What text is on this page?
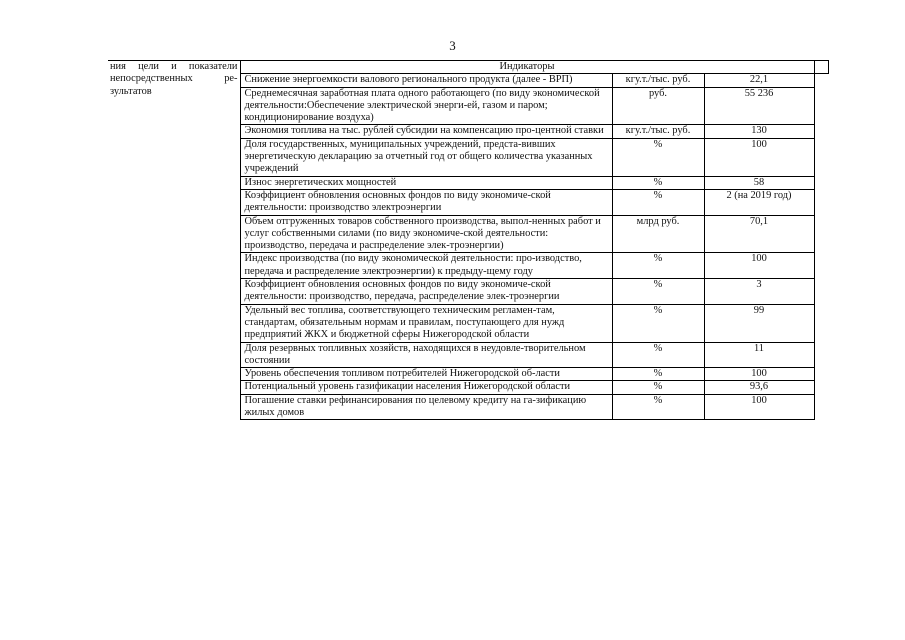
3
ния цели и показатели непосредственных ре-зультатов	Индикаторы			
	Снижение энергоемкости валового регионального продукта (далее - ВРП)	кгу.т./тыс. руб.	22,1	
	Среднемесячная заработная плата одного работающего (по виду экономической деятельности:Обеспечение электрической энерги-ей, газом и паром; кондиционирование воздуха)	руб.	55 236	
	Экономия топлива на тыс. рублей субсидии на компенсацию про-центной ставки	кгу.т./тыс. руб.	130	
	Доля государственных, муниципальных учреждений, предста-вивших энергетическую декларацию за отчетный год от общего количества указанных учреждений	%	100	
	Износ энергетических мощностей	%	58	
	Коэффициент обновления основных фондов по виду экономиче-ской деятельности: производство электроэнергии	%	2 (на 2019 год)	
	Объем отгруженных товаров собственного производства, выпол-ненных работ и услуг собственными силами (по виду экономиче-ской деятельности: производство, передача и распределение элек-троэнергии)	млрд руб.	70,1	
	Индекс производства (по виду экономической деятельности: про-изводство, передача и распределение электроэнергии) к предыду-щему году	%	100	
	Коэффициент обновления основных фондов по виду экономиче-ской деятельности: производство, передача, распределение элек-троэнергии	%	3	
	Удельный вес топлива, соответствующего техническим регламен-там, стандартам, обязательным нормам и правилам, поступающего для нужд предприятий ЖКХ и бюджетной сферы Нижегородской области	%	99	
	Доля резервных топливных хозяйств, находящихся в неудовле-творительном состоянии	%	11	
	Уровень обеспечения топливом потребителей Нижегородской об-ласти	%	100	
	Потенциальный уровень газификации населения Нижегородской области	%	93,6	
	Погашение ставки рефинансирования по целевому кредиту на га-зификацию жилых домов	%	100	
